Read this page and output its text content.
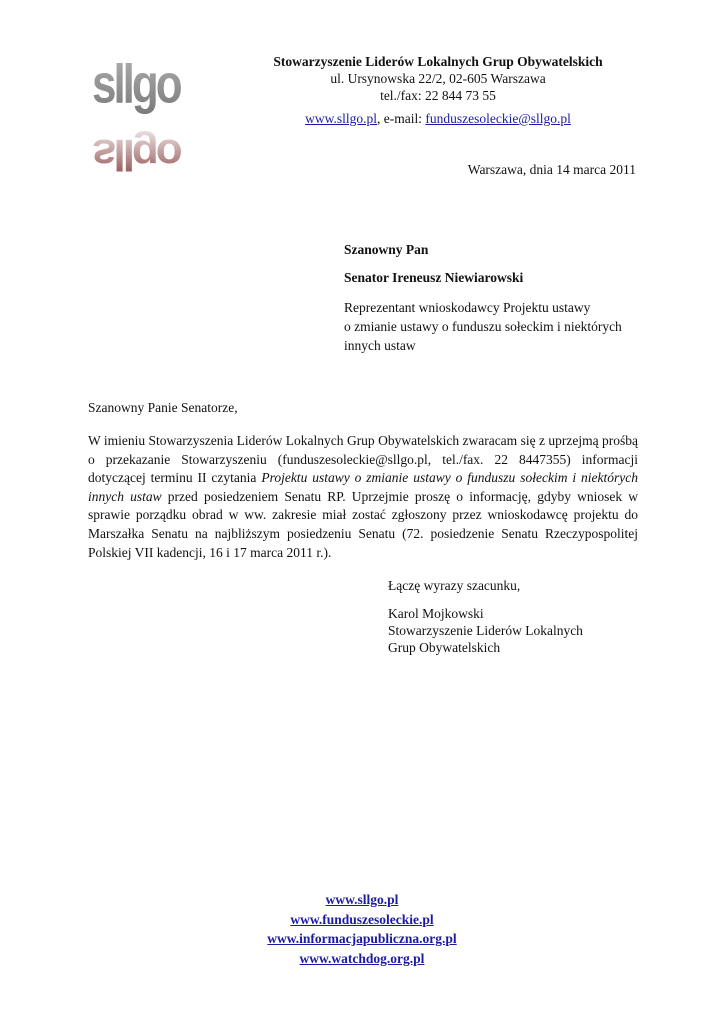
sllgo
sllgo
Stowarzyszenie Liderów Lokalnych Grup Obywatelskich
ul. Ursynowska 22/2, 02-605 Warszawa
tel./fax: 22 844 73 55
www.sllgo.pl, e-mail: funduszesoleckie@sllgo.pl
Warszawa, dnia 14 marca 2011
Szanowny Pan
Senator Ireneusz Niewiarowski
Reprezentant wnioskodawcy Projektu ustawy
o zmianie ustawy o funduszu sołeckim i niektórych
innych ustaw
Szanowny Panie Senatorze,
W imieniu Stowarzyszenia Liderów Lokalnych Grup Obywatelskich zwaracam się z uprzejmą prośbą o przekazanie Stowarzyszeniu (funduszesoleckie@sllgo.pl, tel./fax. 22 8447355) informacji dotyczącej terminu II czytania Projektu ustawy o zmianie ustawy o funduszu sołeckim i niektórych innych ustaw przed posiedzeniem Senatu RP. Uprzejmie proszę o informację, gdyby wniosek w sprawie porządku obrad w ww. zakresie miał zostać zgłoszony przez wnioskodawcę projektu do Marszałka Senatu na najbliższym posiedzeniu Senatu (72. posiedzenie Senatu Rzeczypospolitej Polskiej VII kadencji, 16 i 17 marca 2011 r.).
Łączę wyrazy szacunku,
Karol Mojkowski
Stowarzyszenie Liderów Lokalnych
Grup Obywatelskich
www.sllgo.pl
www.funduszesoleckie.pl
www.informacjapubliczna.org.pl
www.watchdog.org.pl
